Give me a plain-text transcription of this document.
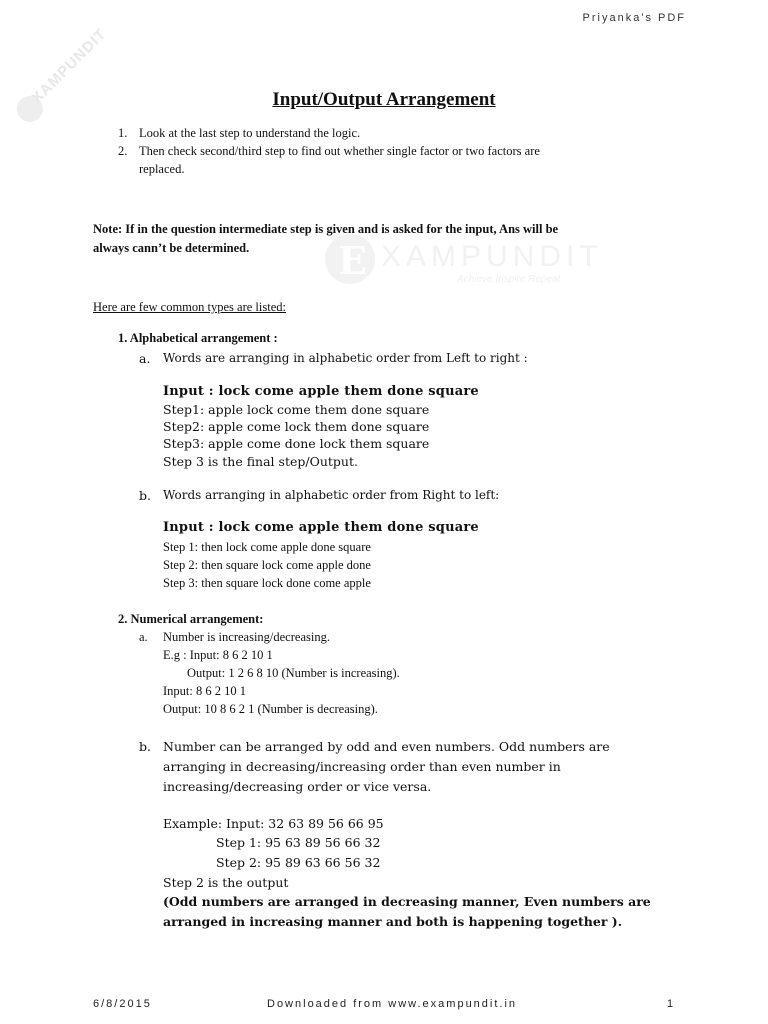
XAMPUNDIT
E XAMPUNDIT
Achieve.Inspire.Repeat
Priyanka's PDF
Input/Output Arrangement
1. Look at the last step to understand the logic.
2. Then check second/third step to find out whether single factor or two factors are
replaced.
Note: If in the question intermediate step is given and is asked for the input, Ans will be
always cann’t be determined.
Here are few common types are listed:
1. Alphabetical arrangement :
a. Words are arranging in alphabetic order from Left to right :
Input : lock come apple them done square
Step1: apple lock come them done square
Step2: apple come lock them done square
Step3: apple come done lock them square
Step 3 is the final step/Output.
b. Words arranging in alphabetic order from Right to left:
Input : lock come apple them done square
Step 1: then lock come apple done square
Step 2: then square lock come apple done
Step 3: then square lock done come apple
2. Numerical arrangement:
a. Number is increasing/decreasing.
E.g : Input: 8 6 2 10 1
Output: 1 2 6 8 10 (Number is increasing).
Input: 8 6 2 10 1
Output: 10 8 6 2 1 (Number is decreasing).
b. Number can be arranged by odd and even numbers. Odd numbers are
arranging in decreasing/increasing order than even number in
increasing/decreasing order or vice versa.
Example: Input: 32 63 89 56 66 95
Step 1: 95 63 89 56 66 32
Step 2: 95 89 63 66 56 32
Step 2 is the output
(Odd numbers are arranged in decreasing manner, Even numbers are
arranged in increasing manner and both is happening together ).
6/8/2015	Downloaded from www.exampundit.in	1
